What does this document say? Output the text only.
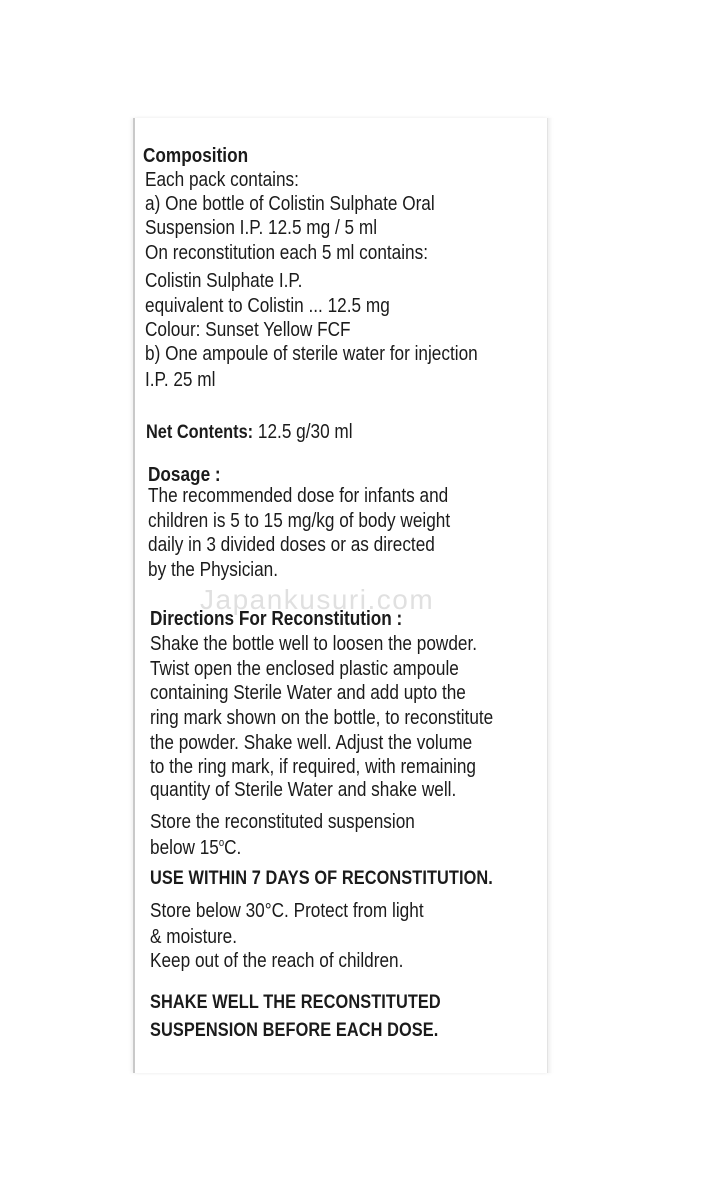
Composition
Each pack contains:
a) One bottle of Colistin Sulphate Oral
Suspension I.P. 12.5 mg / 5 ml
On reconstitution each 5 ml contains:
Colistin Sulphate I.P.
equivalent to Colistin ... 12.5 mg
Colour: Sunset Yellow FCF
b) One ampoule of sterile water for injection
I.P. 25 ml
Net Contents: 12.5 g/30 ml
Dosage :
The recommended dose for infants and
children is 5 to 15 mg/kg of body weight
daily in 3 divided doses or as directed
by the Physician.
Japankusuri.com
Directions For Reconstitution :
Shake the bottle well to loosen the powder.
Twist open the enclosed plastic ampoule
containing Sterile Water and add upto the
ring mark shown on the bottle, to reconstitute
the powder. Shake well. Adjust the volume
to the ring mark, if required, with remaining
quantity of Sterile Water and shake well.
Store the reconstituted suspension
below 15$^o$C.
USE WITHIN 7 DAYS OF RECONSTITUTION.
Store below 30°C. Protect from light
& moisture.
Keep out of the reach of children.
SHAKE WELL THE RECONSTITUTED
SUSPENSION BEFORE EACH DOSE.
